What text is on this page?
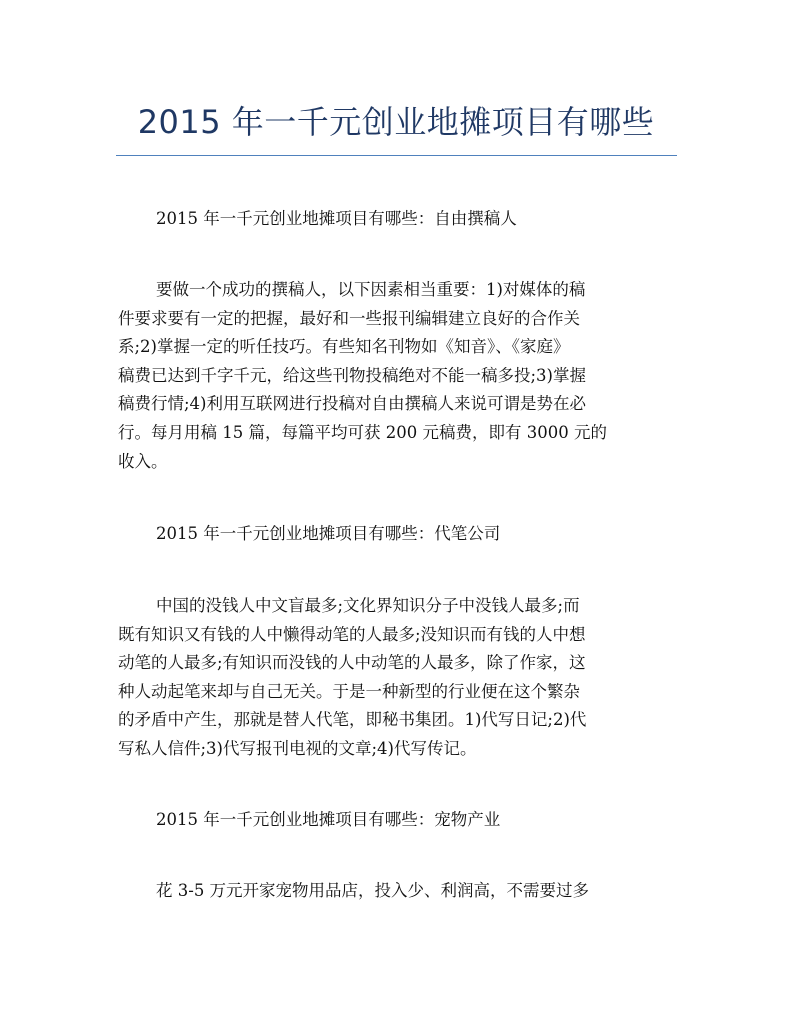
2015 年一千元创业地摊项目有哪些

2015 年一千元创业地摊项目有哪些：自由撰稿人

要做一个成功的撰稿人，以下因素相当重要：1)对媒体的稿
件要求要有一定的把握，最好和一些报刊编辑建立良好的合作关
系;2)掌握一定的听任技巧。有些知名刊物如《知音》、《家庭》
稿费已达到千字千元，给这些刊物投稿绝对不能一稿多投;3)掌握
稿费行情;4)利用互联网进行投稿对自由撰稿人来说可谓是势在必
行。每月用稿 15 篇，每篇平均可获 200 元稿费，即有 3000 元的
收入。

2015 年一千元创业地摊项目有哪些：代笔公司

中国的没钱人中文盲最多;文化界知识分子中没钱人最多;而
既有知识又有钱的人中懒得动笔的人最多;没知识而有钱的人中想
动笔的人最多;有知识而没钱的人中动笔的人最多，除了作家，这
种人动起笔来却与自己无关。于是一种新型的行业便在这个繁杂
的矛盾中产生，那就是替人代笔，即秘书集团。1)代写日记;2)代
写私人信件;3)代写报刊电视的文章;4)代写传记。

2015 年一千元创业地摊项目有哪些：宠物产业

花 3-5 万元开家宠物用品店，投入少、利润高，不需要过多
